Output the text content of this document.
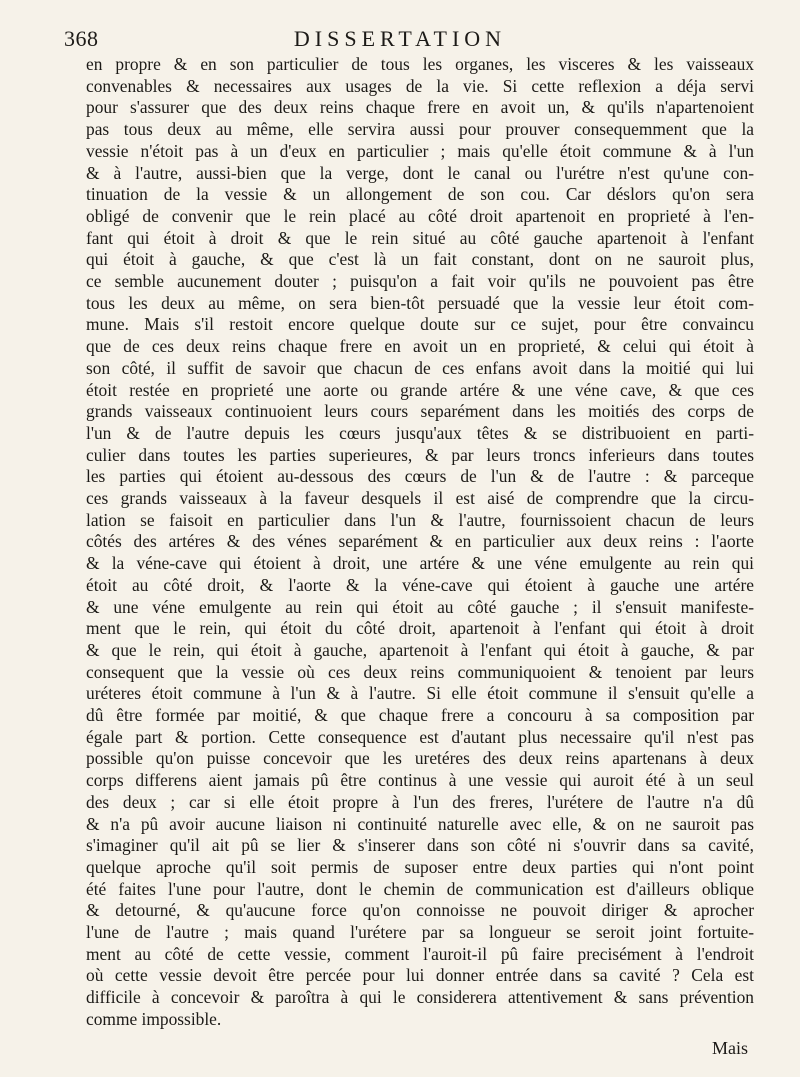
368	DISSERTATION
en propre & en son particulier de tous les organes, les visceres & les vaisseaux
convenables & necessaires aux usages de la vie. Si cette reflexion a déja servi
pour s'assurer que des deux reins chaque frere en avoit un, & qu'ils n'apartenoient
pas tous deux au même, elle servira aussi pour prouver consequemment que la
vessie n'étoit pas à un d'eux en particulier ; mais qu'elle étoit commune & à l'un
& à l'autre, aussi-bien que la verge, dont le canal ou l'urétre n'est qu'une con-
tinuation de la vessie & un allongement de son cou. Car déslors qu'on sera
obligé de convenir que le rein placé au côté droit apartenoit en proprieté à l'en-
fant qui étoit à droit & que le rein situé au côté gauche apartenoit à l'enfant
qui étoit à gauche, & que c'est là un fait constant, dont on ne sauroit plus,
ce semble aucunement douter ; puisqu'on a fait voir qu'ils ne pouvoient pas être
tous les deux au même, on sera bien-tôt persuadé que la vessie leur étoit com-
mune. Mais s'il restoit encore quelque doute sur ce sujet, pour être convaincu
que de ces deux reins chaque frere en avoit un en proprieté, & celui qui étoit à
son côté, il suffit de savoir que chacun de ces enfans avoit dans la moitié qui lui
étoit restée en proprieté une aorte ou grande artére & une véne cave, & que ces
grands vaisseaux continuoient leurs cours separément dans les moitiés des corps de
l'un & de l'autre depuis les cœurs jusqu'aux têtes & se distribuoient en parti-
culier dans toutes les parties superieures, & par leurs troncs inferieurs dans toutes
les parties qui étoient au-dessous des cœurs de l'un & de l'autre : & parceque
ces grands vaisseaux à la faveur desquels il est aisé de comprendre que la circu-
lation se faisoit en particulier dans l'un & l'autre, fournissoient chacun de leurs
côtés des artéres & des vénes separément & en particulier aux deux reins : l'aorte
& la véne-cave qui étoient à droit, une artére & une véne emulgente au rein qui
étoit au côté droit, & l'aorte & la véne-cave qui étoient à gauche une artére
& une véne emulgente au rein qui étoit au côté gauche ; il s'ensuit manifeste-
ment que le rein, qui étoit du côté droit, apartenoit à l'enfant qui étoit à droit
& que le rein, qui étoit à gauche, apartenoit à l'enfant qui étoit à gauche, & par
consequent que la vessie où ces deux reins communiquoient & tenoient par leurs
uréteres étoit commune à l'un & à l'autre. Si elle étoit commune il s'ensuit qu'elle a
dû être formée par moitié, & que chaque frere a concouru à sa composition par
égale part & portion. Cette consequence est d'autant plus necessaire qu'il n'est pas
possible qu'on puisse concevoir que les uretéres des deux reins apartenans à deux
corps differens aient jamais pû être continus à une vessie qui auroit été à un seul
des deux ; car si elle étoit propre à l'un des freres, l'urétere de l'autre n'a dû
& n'a pû avoir aucune liaison ni continuité naturelle avec elle, & on ne sauroit pas
s'imaginer qu'il ait pû se lier & s'inserer dans son côté ni s'ouvrir dans sa cavité,
quelque aproche qu'il soit permis de suposer entre deux parties qui n'ont point
été faites l'une pour l'autre, dont le chemin de communication est d'ailleurs oblique
& detourné, & qu'aucune force qu'on connoisse ne pouvoit diriger & aprocher
l'une de l'autre ; mais quand l'urétere par sa longueur se seroit joint fortuite-
ment au côté de cette vessie, comment l'auroit-il pû faire precisément à l'endroit
où cette vessie devoit être percée pour lui donner entrée dans sa cavité ? Cela est
difficile à concevoir & paroîtra à qui le considerera attentivement & sans prévention
comme impossible.
Mais
